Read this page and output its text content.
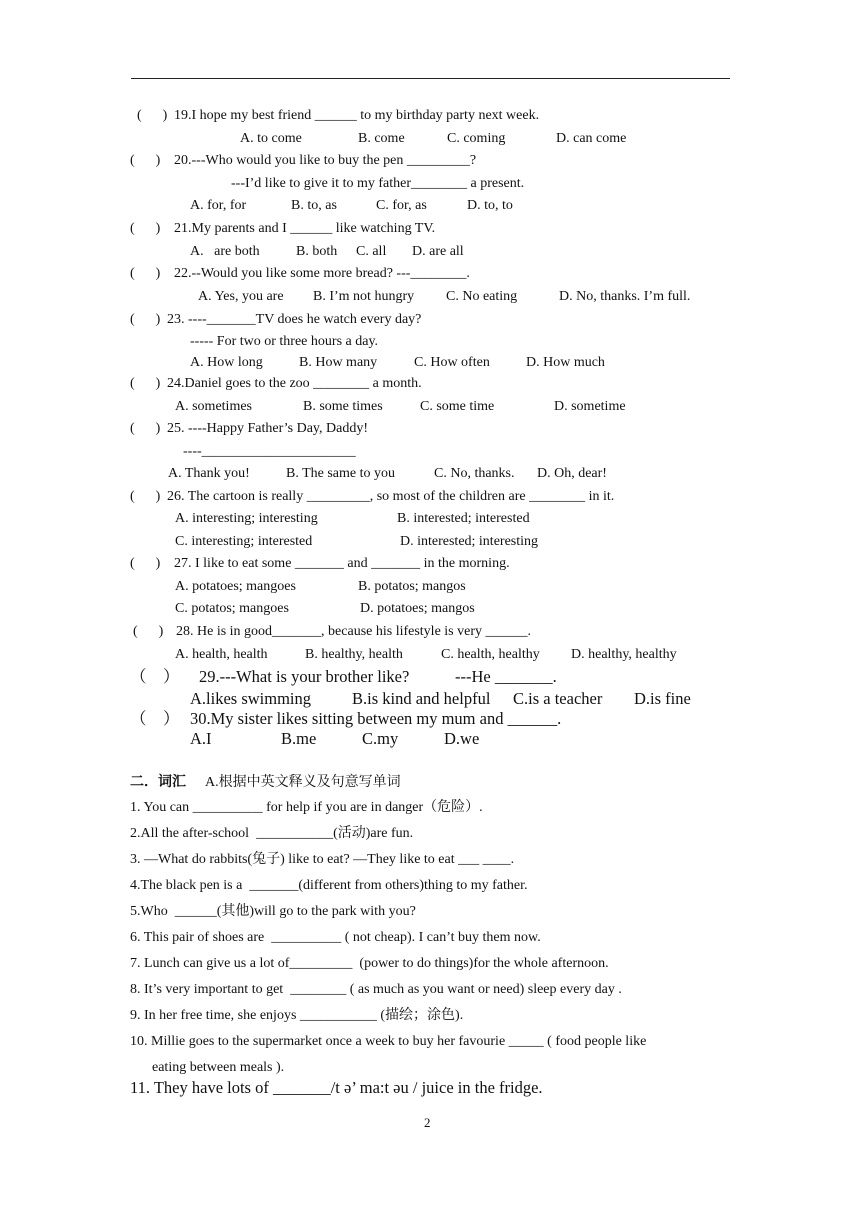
(      ) 19.I hope my best friend ______ to my birthday party next week.
A. to come	B. come	C. coming	D. can come
(      ) 20.---Who would you like to buy the pen _________?
---I’d like to give it to my father________ a present.
A. for, for	B. to, as	C. for, as	D. to, to
(      ) 21.My parents and I ______ like watching TV.
A.   are both	B. both C. all D. are all
(      ) 22.--Would you like some more bread? ---________.
A. Yes, you are B. I’m not hungry C. No eating	D. No, thanks. I’m full.
(      ) 23. ----_______TV does he watch every day?
----- For two or three hours a day.
A. How long	B. How many	C. How often	D. How much
(      ) 24.Daniel goes to the zoo ________ a month.
A. sometimes	B. some times	C. some time	D. sometime
(      ) 25. ----Happy Father’s Day, Daddy!
----______________________
A. Thank you!	B. The same to you	C. No, thanks. D. Oh, dear!
(      ) 26. The cartoon is really _________, so most of the children are ________ in it.
A. interesting; interesting	B. interested; interested
C. interesting; interested	D. interested; interesting
(      ) 27. I like to eat some _______ and _______ in the morning.
A. potatoes; mangoes	B. potatos; mangos
C. potatos; mangoes	D. potatoes; mangos
(      ) 28. He is in good_______, because his lifestyle is very ______.
A. health, health	B. healthy, health	C. health, healthy D. healthy, healthy
（    ） 29.---What is your brother like?	---He _______.
A.likes swimming B.is kind and helpful C.is a teacher D.is fine
（    ） 30.My sister likes sitting between my mum and ______.
A.I	B.me	C.my	D.we
二．词汇 A.根据中英文释义及句意写单词
1. You can __________ for help if you are in danger（危险）.
2.All the after-school  ___________(活动)are fun.
3. —What do rabbits(兔子) like to eat? —They like to eat ___ ____.
4.The black pen is a  _______(different from others)thing to my father.
5.Who  ______(其他)will go to the park with you?
6. This pair of shoes are  __________ ( not cheap). I can’t buy them now.
7. Lunch can give us a lot of_________  (power to do things)for the whole afternoon.
8. It’s very important to get  ________ ( as much as you want or need) sleep every day .
9. In her free time, she enjoys ___________ (描绘；涂色).
10. Millie goes to the supermarket once a week to buy her favourie _____ ( food people like
eating between meals ).
11. They have lots of _______/t ə’ ma:t əu / juice in the fridge.
2
